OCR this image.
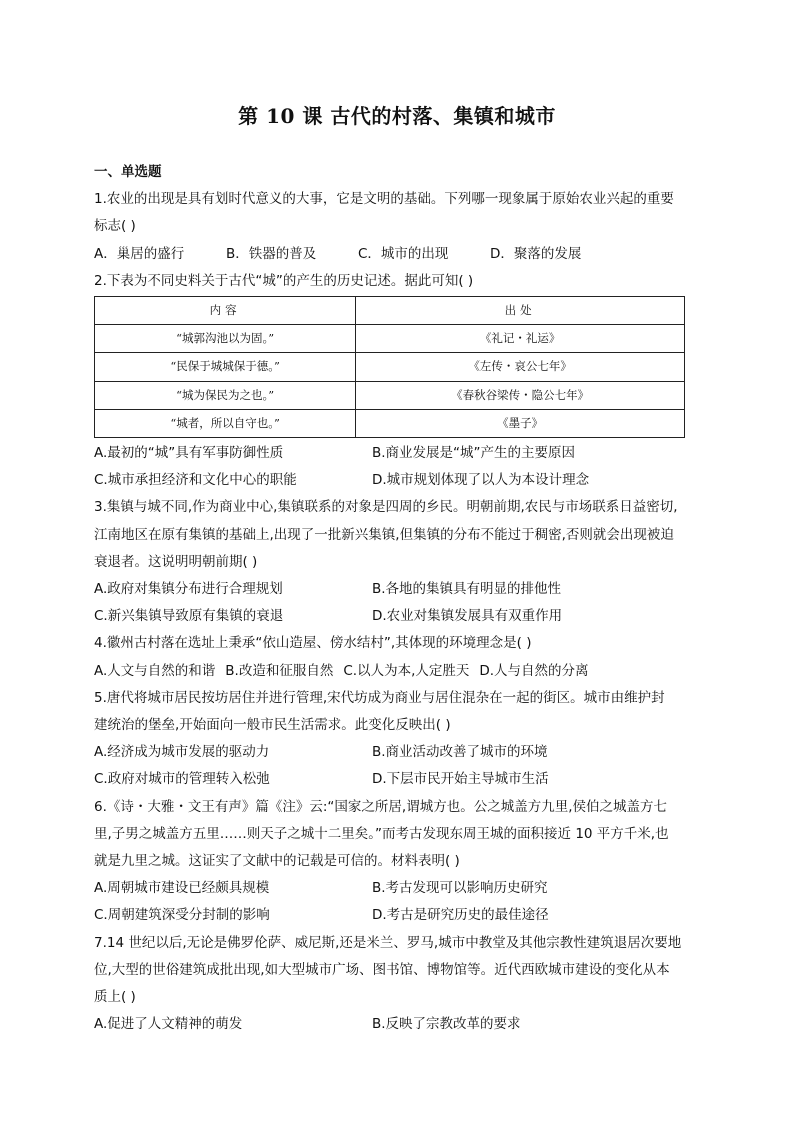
第 10 课 古代的村落、集镇和城市
一、单选题
1.农业的出现是具有划时代意义的大事，它是文明的基础。下列哪一现象属于原始农业兴起的重要
标志( )
A．巢居的盛行	B．铁器的普及	C．城市的出现	D．聚落的发展
2.下表为不同史料关于古代“城”的产生的历史记述。据此可知( )
内容	出处
“城郭沟池以为固。”	《礼记・礼运》
“民保于城城保于德。”	《左传・哀公七年》
“城为保民为之也。”	《春秋谷梁传・隐公七年》
“城者，所以自守也。”	《墨子》
A.最初的“城”具有军事防御性质	B.商业发展是“城”产生的主要原因
C.城市承担经济和文化中心的职能	D.城市规划体现了以人为本设计理念
3.集镇与城不同,作为商业中心,集镇联系的对象是四周的乡民。明朝前期,农民与市场联系日益密切,
江南地区在原有集镇的基础上,出现了一批新兴集镇,但集镇的分布不能过于稠密,否则就会出现被迫
衰退者。这说明明朝前期( )
A.政府对集镇分布进行合理规划	B.各地的集镇具有明显的排他性
C.新兴集镇导致原有集镇的衰退	D.农业对集镇发展具有双重作用
4.徽州古村落在选址上秉承“依山造屋、傍水结村”,其体现的环境理念是( )
A.人文与自然的和谐 B.改造和征服自然 C.以人为本,人定胜天 D.人与自然的分离
5.唐代将城市居民按坊居住并进行管理,宋代坊成为商业与居住混杂在一起的街区。城市由维护封
建统治的堡垒,开始面向一般市民生活需求。此变化反映出( )
A.经济成为城市发展的驱动力	B.商业活动改善了城市的环境
C.政府对城市的管理转入松弛	D.下层市民开始主导城市生活
6.《诗・大雅・文王有声》篇《注》云:“国家之所居,谓城方也。公之城盖方九里,侯伯之城盖方七
里,子男之城盖方五里……则天子之城十二里矣。”而考古发现东周王城的面积接近 10 平方千米,也
就是九里之城。这证实了文献中的记载是可信的。材料表明( )
A.周朝城市建设已经颇具规模	B.考古发现可以影响历史研究
C.周朝建筑深受分封制的影响	D.考古是研究历史的最佳途径
7.14 世纪以后,无论是佛罗伦萨、威尼斯,还是米兰、罗马,城市中教堂及其他宗教性建筑退居次要地
位,大型的世俗建筑成批出现,如大型城市广场、图书馆、博物馆等。近代西欧城市建设的变化从本
质上( )
A.促进了人文精神的萌发	B.反映了宗教改革的要求
